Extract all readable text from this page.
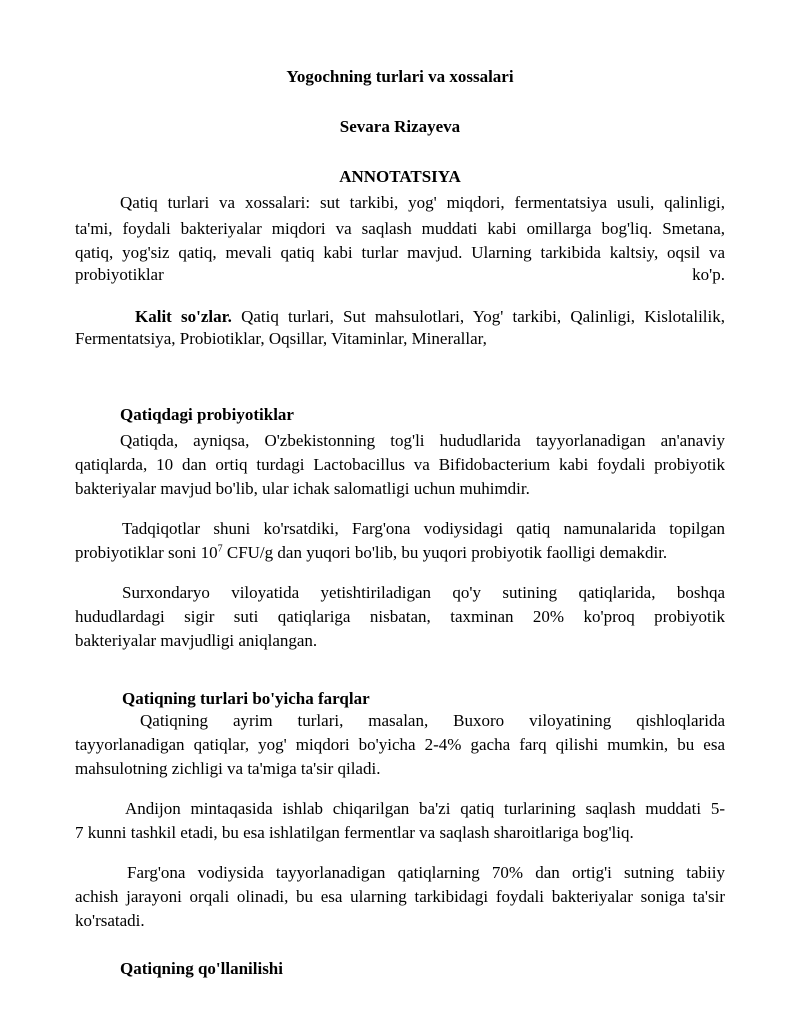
Yogochning turlari va xossalari
Sevara Rizayeva
ANNOTATSIYA
Qatiq turlari va xossalari: sut tarkibi, yog' miqdori, fermentatsiya usuli, qalinligi,
ta'mi, foydali bakteriyalar miqdori va saqlash muddati kabi omillarga bog'liq. Smetana,
qatiq, yog'siz qatiq, mevali qatiq kabi turlar mavjud. Ularning tarkibida kaltsiy, oqsil va
probiyotiklar	ko'p.
Kalit so'zlar. Qatiq turlari, Sut mahsulotlari, Yog' tarkibi, Qalinligi, Kislotalilik,
Fermentatsiya, Probiotiklar, Oqsillar, Vitaminlar, Minerallar,
Qatiqdagi probiyotiklar
Qatiqda, ayniqsa, O'zbekistonning tog'li hududlarida tayyorlanadigan an'anaviy
qatiqlarda, 10 dan ortiq turdagi Lactobacillus va Bifidobacterium kabi foydali probiyotik
bakteriyalar mavjud bo'lib, ular ichak salomatligi uchun muhimdir.
Tadqiqotlar shuni ko'rsatdiki, Farg'ona vodiysidagi qatiq namunalarida topilgan
probiyotiklar soni $10^7$ CFU/g dan yuqori bo'lib, bu yuqori probiyotik faolligi demakdir.
Surxondaryo viloyatida yetishtiriladigan qo'y sutining qatiqlarida, boshqa
hududlardagi sigir suti qatiqlariga nisbatan, taxminan 20% ko'proq probiyotik
bakteriyalar mavjudligi aniqlangan.
Qatiqning turlari bo'yicha farqlar
Qatiqning ayrim turlari, masalan, Buxoro viloyatining qishloqlarida
tayyorlanadigan qatiqlar, yog' miqdori bo'yicha 2-4% gacha farq qilishi mumkin, bu esa
mahsulotning zichligi va ta'miga ta'sir qiladi.
Andijon mintaqasida ishlab chiqarilgan ba'zi qatiq turlarining saqlash muddati 5-
7 kunni tashkil etadi, bu esa ishlatilgan fermentlar va saqlash sharoitlariga bog'liq.
Farg'ona vodiysida tayyorlanadigan qatiqlarning 70% dan ortig'i sutning tabiiy
achish jarayoni orqali olinadi, bu esa ularning tarkibidagi foydali bakteriyalar soniga ta'sir
ko'rsatadi.
Qatiqning qo'llanilishi
